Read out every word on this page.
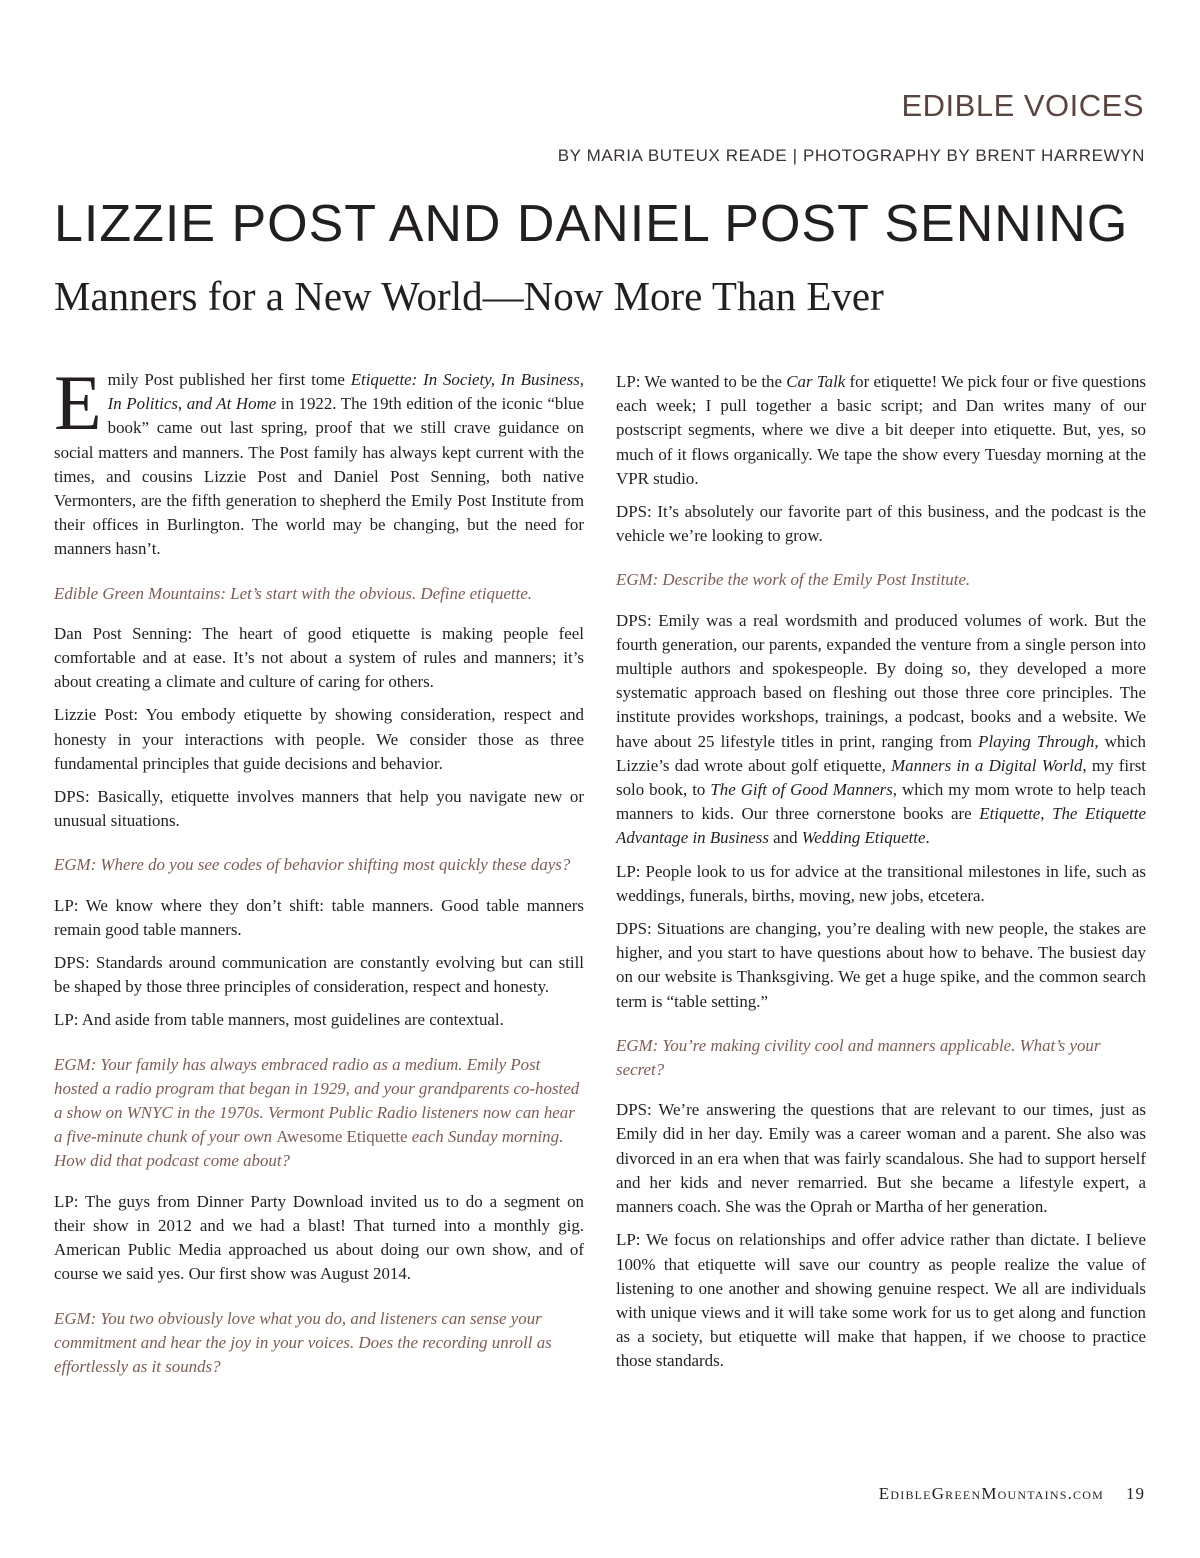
EDIBLE VOICES
BY MARIA BUTEUX READE | PHOTOGRAPHY BY BRENT HARREWYN
LIZZIE POST AND DANIEL POST SENNING
Manners for a New World—Now More Than Ever

Emily Post published her first tome Etiquette: In Society, In Business, In Politics, and At Home in 1922. The 19th edition of the iconic “blue book” came out last spring, proof that we still crave guidance on social matters and manners. The Post family has always kept current with the times, and cousins Lizzie Post and Daniel Post Senning, both native Vermonters, are the fifth generation to shepherd the Emily Post Institute from their offices in Burlington. The world may be changing, but the need for manners hasn’t.

Edible Green Mountains: Let’s start with the obvious. Define etiquette.

Dan Post Senning: The heart of good etiquette is making people feel comfortable and at ease. It’s not about a system of rules and manners; it’s about creating a climate and culture of caring for others.

Lizzie Post: You embody etiquette by showing consideration, respect and honesty in your interactions with people. We consider those as three fundamental principles that guide decisions and behavior.

DPS: Basically, etiquette involves manners that help you navigate new or unusual situations.

EGM: Where do you see codes of behavior shifting most quickly these days?

LP: We know where they don’t shift: table manners. Good table manners remain good table manners.

DPS: Standards around communication are constantly evolving but can still be shaped by those three principles of consideration, respect and honesty.

LP: And aside from table manners, most guidelines are contextual.

EGM: Your family has always embraced radio as a medium. Emily Post hosted a radio program that began in 1929, and your grandparents co-hosted a show on WNYC in the 1970s. Vermont Public Radio listeners now can hear a five-minute chunk of your own Awesome Etiquette each Sunday morning. How did that podcast come about?

LP: The guys from Dinner Party Download invited us to do a segment on their show in 2012 and we had a blast! That turned into a monthly gig. American Public Media approached us about doing our own show, and of course we said yes. Our first show was August 2014.

EGM: You two obviously love what you do, and listeners can sense your commitment and hear the joy in your voices. Does the recording unroll as effortlessly as it sounds?

LP: We wanted to be the Car Talk for etiquette! We pick four or five questions each week; I pull together a basic script; and Dan writes many of our postscript segments, where we dive a bit deeper into etiquette. But, yes, so much of it flows organically. We tape the show every Tuesday morning at the VPR studio.

DPS: It’s absolutely our favorite part of this business, and the podcast is the vehicle we’re looking to grow.

EGM: Describe the work of the Emily Post Institute.

DPS: Emily was a real wordsmith and produced volumes of work. But the fourth generation, our parents, expanded the venture from a single person into multiple authors and spokespeople. By doing so, they developed a more systematic approach based on fleshing out those three core principles. The institute provides workshops, trainings, a podcast, books and a website. We have about 25 lifestyle titles in print, ranging from Playing Through, which Lizzie’s dad wrote about golf etiquette, Manners in a Digital World, my first solo book, to The Gift of Good Manners, which my mom wrote to help teach manners to kids. Our three cornerstone books are Etiquette, The Etiquette Advantage in Business and Wedding Etiquette.

LP: People look to us for advice at the transitional milestones in life, such as weddings, funerals, births, moving, new jobs, etcetera.

DPS: Situations are changing, you’re dealing with new people, the stakes are higher, and you start to have questions about how to behave. The busiest day on our website is Thanksgiving. We get a huge spike, and the common search term is “table setting.”

EGM: You’re making civility cool and manners applicable. What’s your secret?

DPS: We’re answering the questions that are relevant to our times, just as Emily did in her day. Emily was a career woman and a parent. She also was divorced in an era when that was fairly scandalous. She had to support herself and her kids and never remarried. But she became a lifestyle expert, a manners coach. She was the Oprah or Martha of her generation.

LP: We focus on relationships and offer advice rather than dictate. I believe 100% that etiquette will save our country as people realize the value of listening to one another and showing genuine respect. We all are individuals with unique views and it will take some work for us to get along and function as a society, but etiquette will make that happen, if we choose to practice those standards.

EdibleGreenMountains.com 19
